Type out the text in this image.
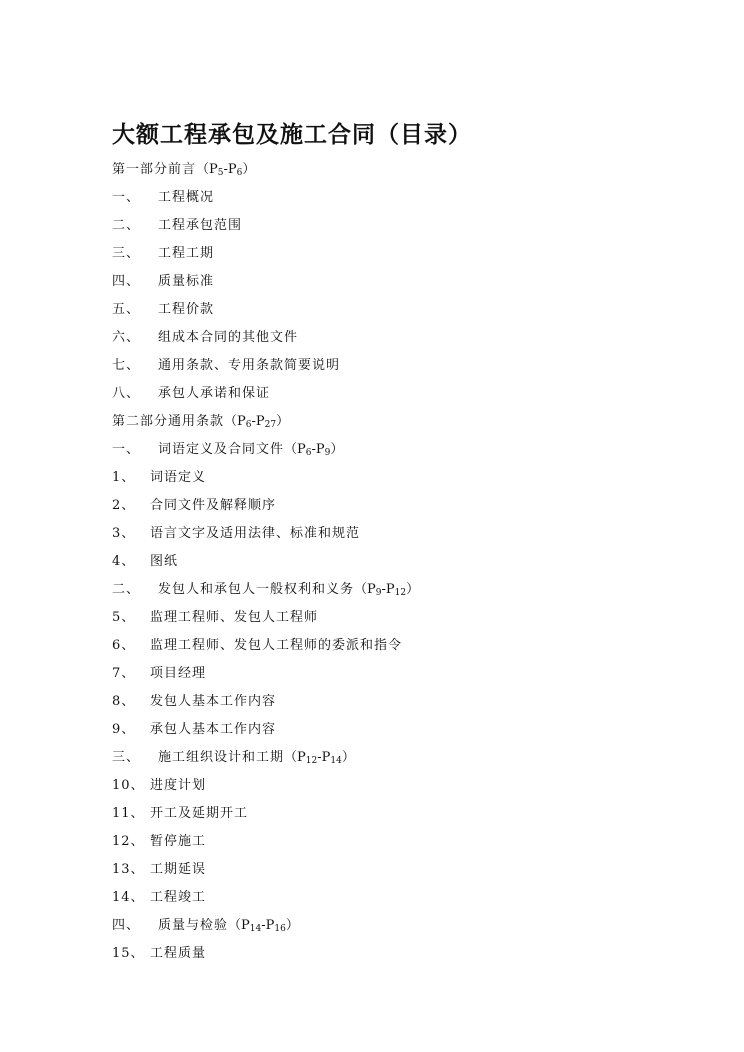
大额工程承包及施工合同（目录）
第一部分前言$(P_5-P_6)$
一、 工程概况
二、 工程承包范围
三、 工程工期
四、 质量标准
五、 工程价款
六、 组成本合同的其他文件
七、 通用条款、专用条款简要说明
八、 承包人承诺和保证
第二部分通用条款$(P_6-P_{27})$
一、 词语定义及合同文件$(P_6-P_9)$
1、 词语定义
2、 合同文件及解释顺序
3、 语言文字及适用法律、标准和规范
4、 图纸
二、 发包人和承包人一般权利和义务$(P_9-P_{12})$
5、 监理工程师、发包人工程师
6、 监理工程师、发包人工程师的委派和指令
7、 项目经理
8、 发包人基本工作内容
9、 承包人基本工作内容
三、 施工组织设计和工期$(P_{12}-P_{14})$
10、 进度计划
11、 开工及延期开工
12、 暂停施工
13、 工期延误
14、 工程竣工
四、 质量与检验$(P_{14}-P_{16})$
15、 工程质量
